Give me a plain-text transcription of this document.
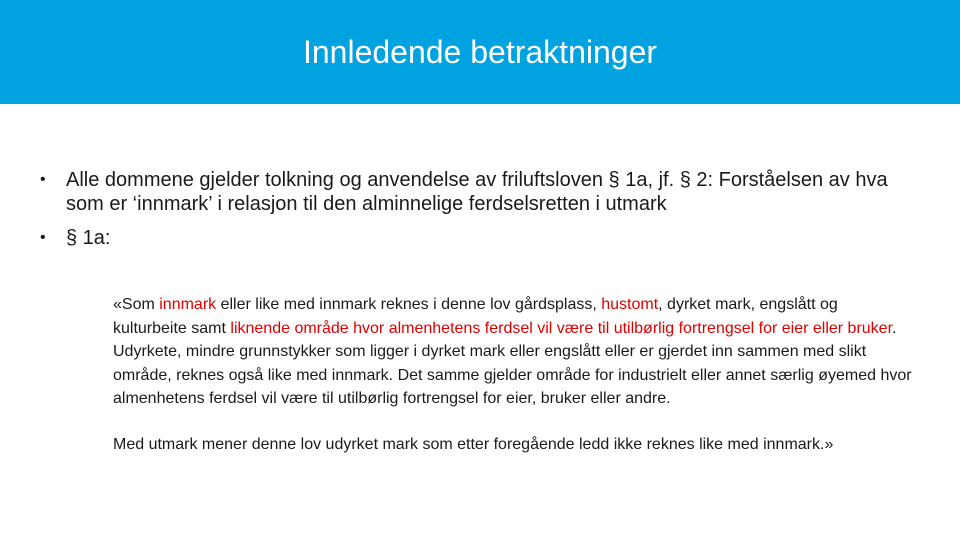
Innledende betraktninger
• Alle dommene gjelder tolkning og anvendelse av friluftsloven § 1a, jf. § 2: Forståelsen av hva som er ‘innmark’ i relasjon til den alminnelige ferdselsretten i utmark
• § 1a:

«Som innmark eller like med innmark reknes i denne lov gårdsplass, hustomt, dyrket mark, engslått og kulturbeite samt liknende område hvor almenhetens ferdsel vil være til utilbørlig fortrengsel for eier eller bruker. Udyrkete, mindre grunnstykker som ligger i dyrket mark eller engslått eller er gjerdet inn sammen med slikt område, reknes også like med innmark. Det samme gjelder område for industrielt eller annet særlig øyemed hvor almenhetens ferdsel vil være til utilbørlig fortrengsel for eier, bruker eller andre.

Med utmark mener denne lov udyrket mark som etter foregående ledd ikke reknes like med innmark.»
